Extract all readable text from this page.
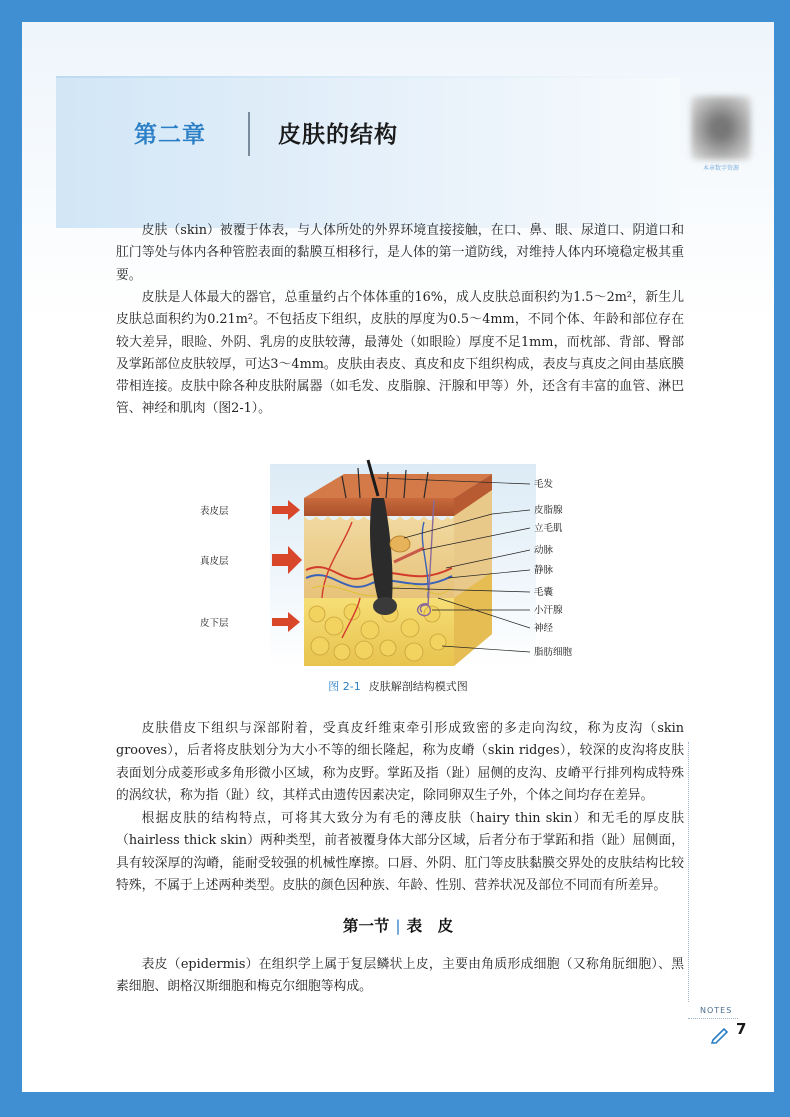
第二章	皮肤的结构
本章数字资源

皮肤（skin）被覆于体表，与人体所处的外界环境直接接触，在口、鼻、眼、尿道口、阴道口和肛门等处与体内各种管腔表面的黏膜互相移行，是人体的第一道防线，对维持人体内环境稳定极其重要。

皮肤是人体最大的器官，总重量约占个体体重的16%，成人皮肤总面积约为1.5～2m²，新生儿皮肤总面积约为0.21m²。不包括皮下组织，皮肤的厚度为0.5～4mm，不同个体、年龄和部位存在较大差异，眼睑、外阴、乳房的皮肤较薄，最薄处（如眼睑）厚度不足1mm，而枕部、背部、臀部及掌跖部位皮肤较厚，可达3～4mm。皮肤由表皮、真皮和皮下组织构成，表皮与真皮之间由基底膜带相连接。皮肤中除各种皮肤附属器（如毛发、皮脂腺、汗腺和甲等）外，还含有丰富的血管、淋巴管、神经和肌肉（图2-1）。

表皮层
真皮层
皮下层
毛发
皮脂腺
立毛肌
动脉
静脉
毛囊
小汗腺
神经
脂肪细胞
图 2-1 皮肤解剖结构模式图

皮肤借皮下组织与深部附着，受真皮纤维束牵引形成致密的多走向沟纹，称为皮沟（skin grooves），后者将皮肤划分为大小不等的细长隆起，称为皮嵴（skin ridges），较深的皮沟将皮肤表面划分成菱形或多角形微小区域，称为皮野。掌跖及指（趾）屈侧的皮沟、皮嵴平行排列构成特殊的涡纹状，称为指（趾）纹，其样式由遗传因素决定，除同卵双生子外，个体之间均存在差异。

根据皮肤的结构特点，可将其大致分为有毛的薄皮肤（hairy thin skin）和无毛的厚皮肤（hairless thick skin）两种类型，前者被覆身体大部分区域，后者分布于掌跖和指（趾）屈侧面，具有较深厚的沟嵴，能耐受较强的机械性摩擦。口唇、外阴、肛门等皮肤黏膜交界处的皮肤结构比较特殊，不属于上述两种类型。皮肤的颜色因种族、年龄、性别、营养状况及部位不同而有所差异。

第一节 | 表　皮

表皮（epidermis）在组织学上属于复层鳞状上皮，主要由角质形成细胞（又称角朊细胞）、黑素细胞、朗格汉斯细胞和梅克尔细胞等构成。

NOTES
7
